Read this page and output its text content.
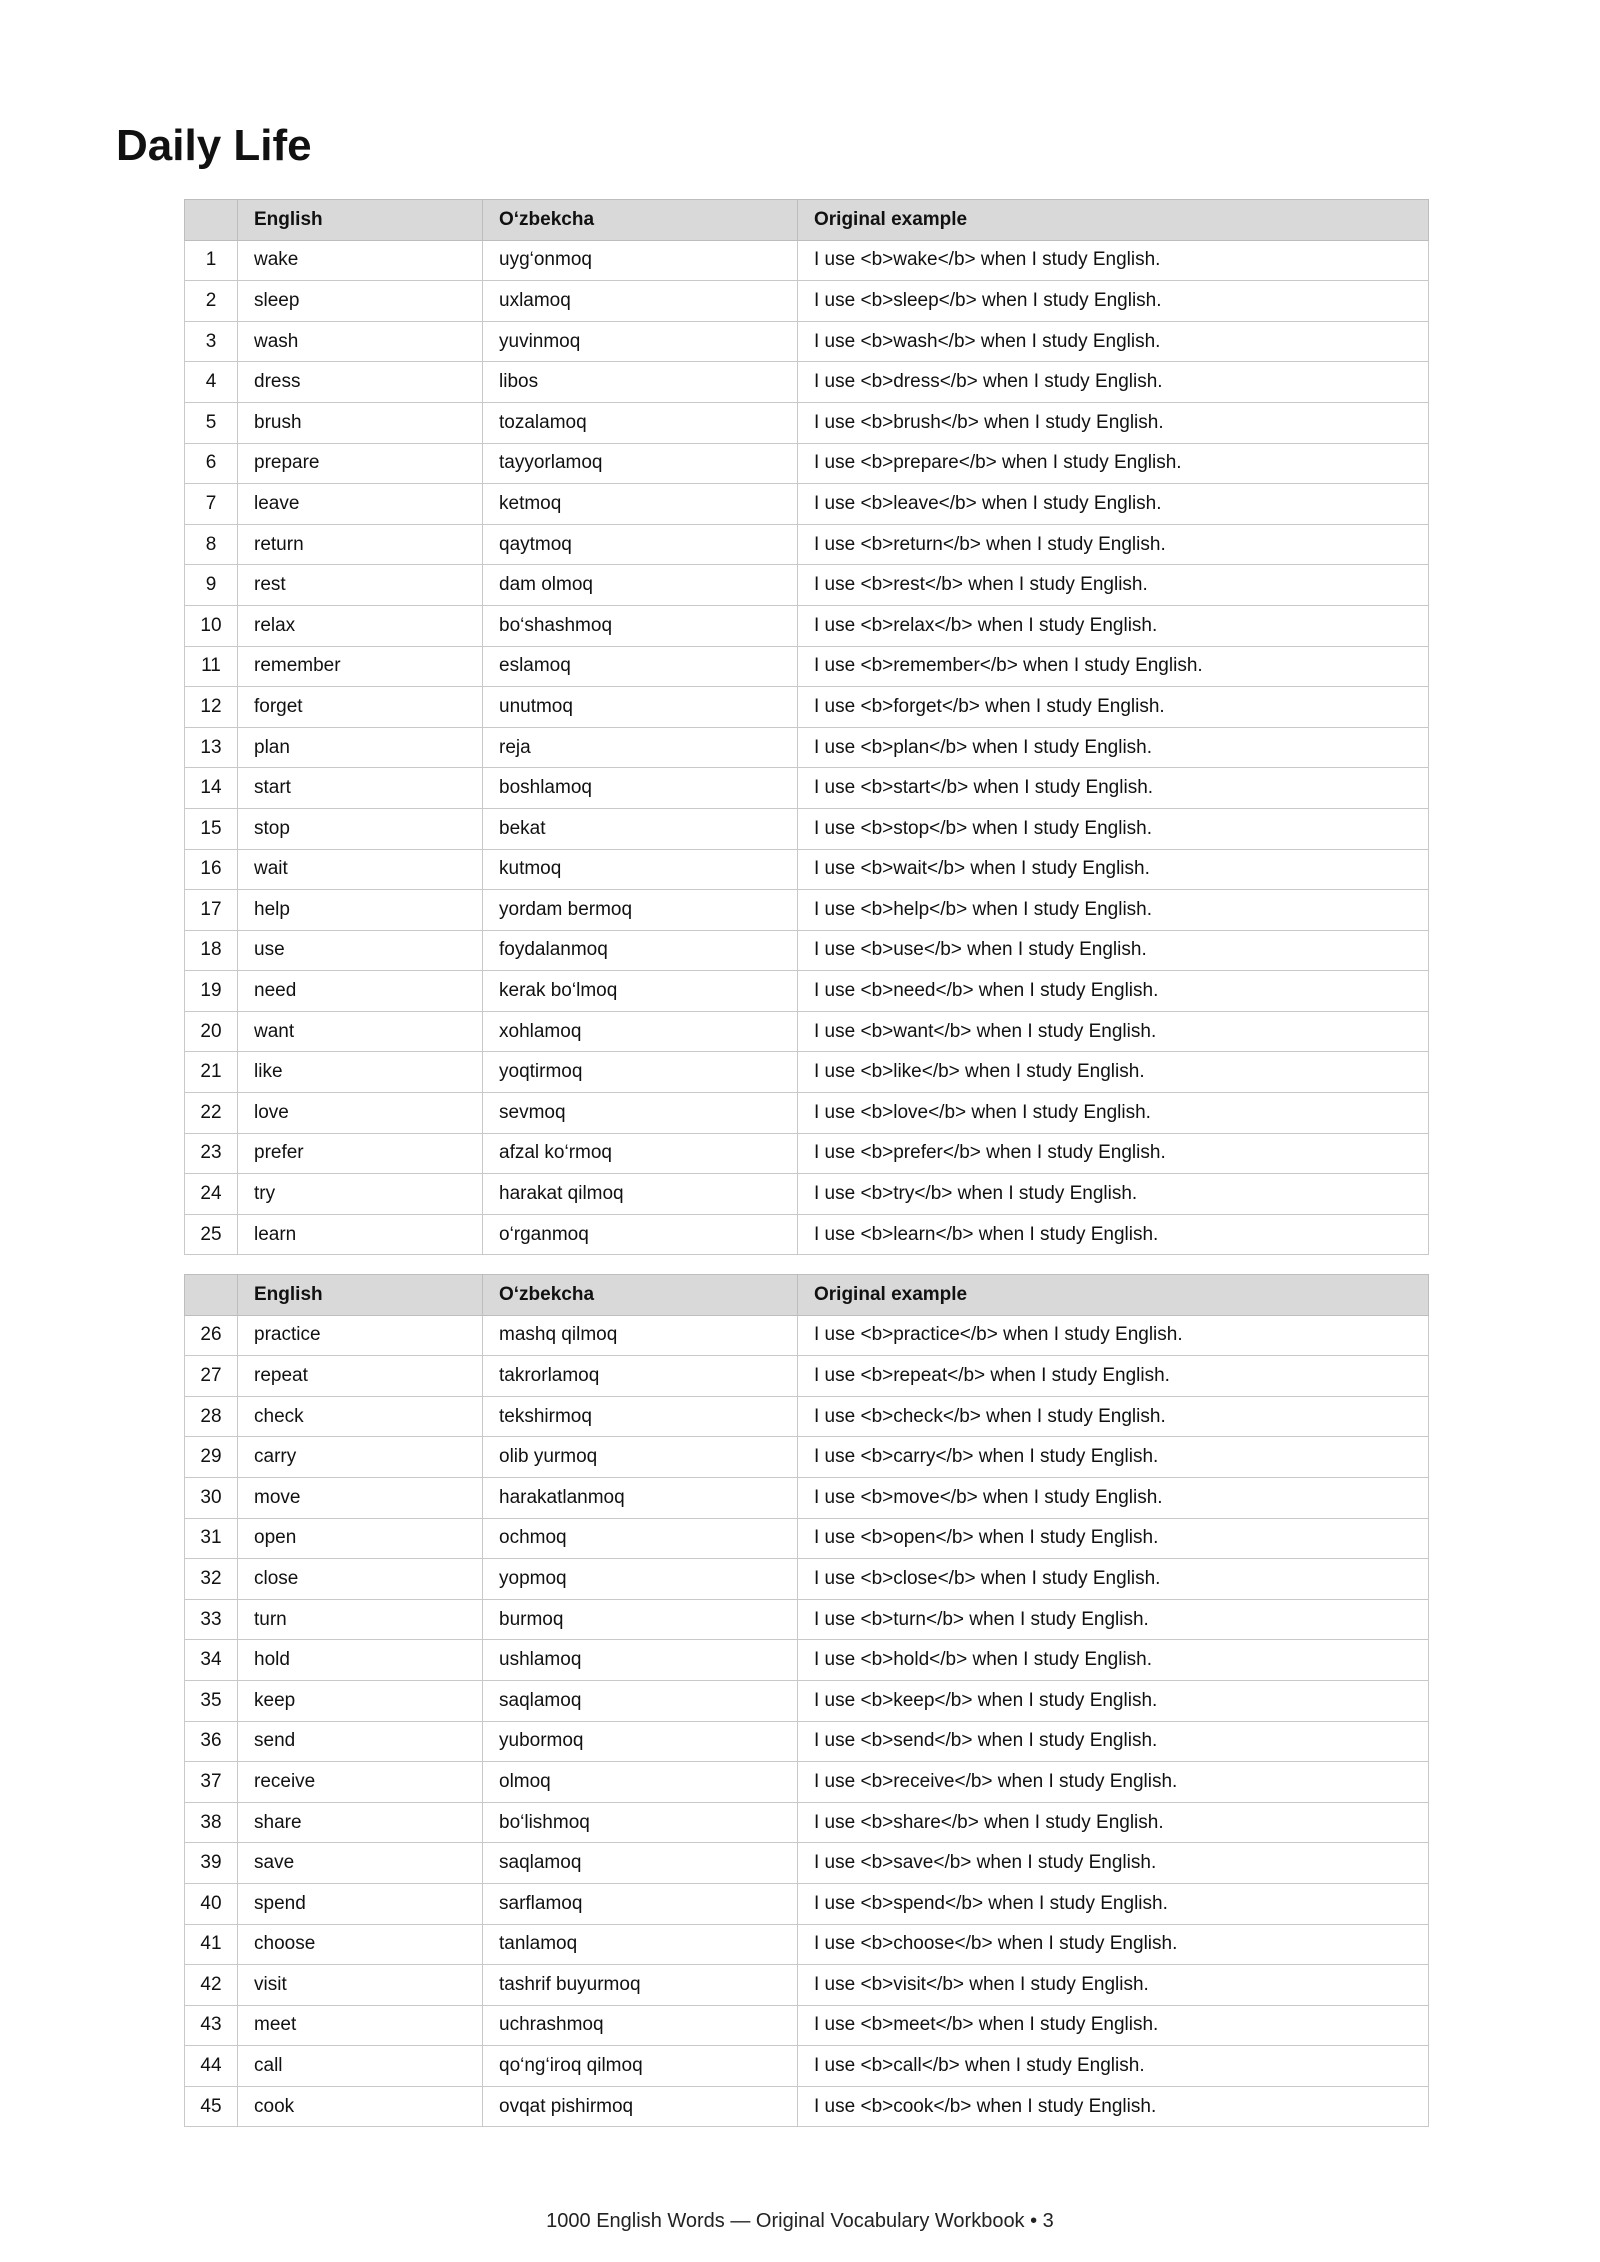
Daily Life
	English	O‘zbekcha	Original example
1	wake	uyg‘onmoq	I use <b>wake</b> when I study English.
2	sleep	uxlamoq	I use <b>sleep</b> when I study English.
3	wash	yuvinmoq	I use <b>wash</b> when I study English.
4	dress	libos	I use <b>dress</b> when I study English.
5	brush	tozalamoq	I use <b>brush</b> when I study English.
6	prepare	tayyorlamoq	I use <b>prepare</b> when I study English.
7	leave	ketmoq	I use <b>leave</b> when I study English.
8	return	qaytmoq	I use <b>return</b> when I study English.
9	rest	dam olmoq	I use <b>rest</b> when I study English.
10	relax	bo‘shashmoq	I use <b>relax</b> when I study English.
11	remember	eslamoq	I use <b>remember</b> when I study English.
12	forget	unutmoq	I use <b>forget</b> when I study English.
13	plan	reja	I use <b>plan</b> when I study English.
14	start	boshlamoq	I use <b>start</b> when I study English.
15	stop	bekat	I use <b>stop</b> when I study English.
16	wait	kutmoq	I use <b>wait</b> when I study English.
17	help	yordam bermoq	I use <b>help</b> when I study English.
18	use	foydalanmoq	I use <b>use</b> when I study English.
19	need	kerak bo‘lmoq	I use <b>need</b> when I study English.
20	want	xohlamoq	I use <b>want</b> when I study English.
21	like	yoqtirmoq	I use <b>like</b> when I study English.
22	love	sevmoq	I use <b>love</b> when I study English.
23	prefer	afzal ko‘rmoq	I use <b>prefer</b> when I study English.
24	try	harakat qilmoq	I use <b>try</b> when I study English.
25	learn	o‘rganmoq	I use <b>learn</b> when I study English.
	English	O‘zbekcha	Original example
26	practice	mashq qilmoq	I use <b>practice</b> when I study English.
27	repeat	takrorlamoq	I use <b>repeat</b> when I study English.
28	check	tekshirmoq	I use <b>check</b> when I study English.
29	carry	olib yurmoq	I use <b>carry</b> when I study English.
30	move	harakatlanmoq	I use <b>move</b> when I study English.
31	open	ochmoq	I use <b>open</b> when I study English.
32	close	yopmoq	I use <b>close</b> when I study English.
33	turn	burmoq	I use <b>turn</b> when I study English.
34	hold	ushlamoq	I use <b>hold</b> when I study English.
35	keep	saqlamoq	I use <b>keep</b> when I study English.
36	send	yubormoq	I use <b>send</b> when I study English.
37	receive	olmoq	I use <b>receive</b> when I study English.
38	share	bo‘lishmoq	I use <b>share</b> when I study English.
39	save	saqlamoq	I use <b>save</b> when I study English.
40	spend	sarflamoq	I use <b>spend</b> when I study English.
41	choose	tanlamoq	I use <b>choose</b> when I study English.
42	visit	tashrif buyurmoq	I use <b>visit</b> when I study English.
43	meet	uchrashmoq	I use <b>meet</b> when I study English.
44	call	qo‘ng‘iroq qilmoq	I use <b>call</b> when I study English.
45	cook	ovqat pishirmoq	I use <b>cook</b> when I study English.
1000 English Words — Original Vocabulary Workbook • 3
